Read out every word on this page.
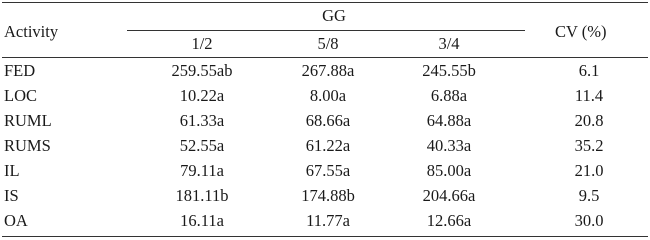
Activity
GG
CV (%)
1/2	5/8	3/4
FED	259.55ab	267.88a	245.55b	6.1
LOC	10.22a	8.00a	6.88a	11.4
RUML	61.33a	68.66a	64.88a	20.8
RUMS	52.55a	61.22a	40.33a	35.2
IL	79.11a	67.55a	85.00a	21.0
IS	181.11b	174.88b	204.66a	9.5
OA	16.11a	11.77a	12.66a	30.0
